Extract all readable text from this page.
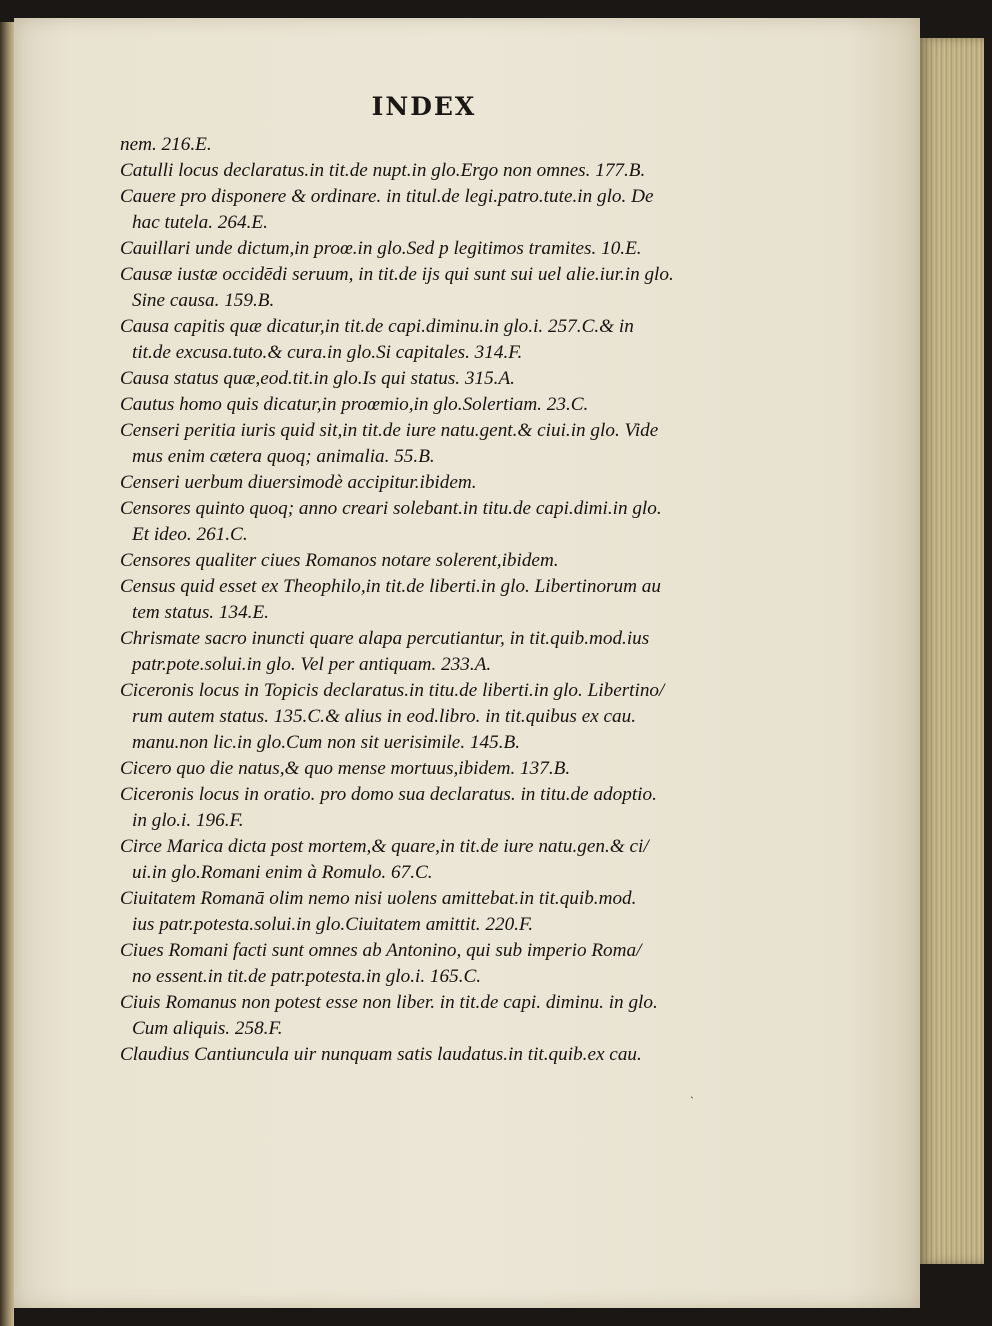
INDEX
nem. 216.E.
Catulli locus declaratus.in tit.de nupt.in glo.Ergo non omnes. 177.B.
Cauere pro disponere & ordinare. in titul.de legi.patro.tute.in glo. De
hac tutela. 264.E.
Cauillari unde dictum,in proœ.in glo.Sed p legitimos tramites. 10.E.
Causæ iustæ occidēdi seruum, in tit.de ijs qui sunt sui uel alie.iur.in glo.
Sine causa. 159.B.
Causa capitis quæ dicatur,in tit.de capi.diminu.in glo.i. 257.C.& in
tit.de excusa.tuto.& cura.in glo.Si capitales. 314.F.
Causa status quæ,eod.tit.in glo.Is qui status. 315.A.
Cautus homo quis dicatur,in proœmio,in glo.Solertiam. 23.C.
Censeri peritia iuris quid sit,in tit.de iure natu.gent.& ciui.in glo. Vide
mus enim cætera quoq; animalia. 55.B.
Censeri uerbum diuersimodè accipitur.ibidem.
Censores quinto quoq; anno creari solebant.in titu.de capi.dimi.in glo.
Et ideo. 261.C.
Censores qualiter ciues Romanos notare solerent,ibidem.
Census quid esset ex Theophilo,in tit.de liberti.in glo. Libertinorum au
tem status. 134.E.
Chrismate sacro inuncti quare alapa percutiantur, in tit.quib.mod.ius
patr.pote.solui.in glo. Vel per antiquam. 233.A.
Ciceronis locus in Topicis declaratus.in titu.de liberti.in glo. Libertino/
rum autem status. 135.C.& alius in eod.libro. in tit.quibus ex cau.
manu.non lic.in glo.Cum non sit uerisimile. 145.B.
Cicero quo die natus,& quo mense mortuus,ibidem. 137.B.
Ciceronis locus in oratio. pro domo sua declaratus. in titu.de adoptio.
in glo.i. 196.F.
Circe Marica dicta post mortem,& quare,in tit.de iure natu.gen.& ci/
ui.in glo.Romani enim à Romulo. 67.C.
Ciuitatem Romanā olim nemo nisi uolens amittebat.in tit.quib.mod.
ius patr.potesta.solui.in glo.Ciuitatem amittit. 220.F.
Ciues Romani facti sunt omnes ab Antonino, qui sub imperio Roma/
no essent.in tit.de patr.potesta.in glo.i. 165.C.
Ciuis Romanus non potest esse non liber. in tit.de capi. diminu. in glo.
Cum aliquis. 258.F.
Claudius Cantiuncula uir nunquam satis laudatus.in tit.quib.ex cau.
`
